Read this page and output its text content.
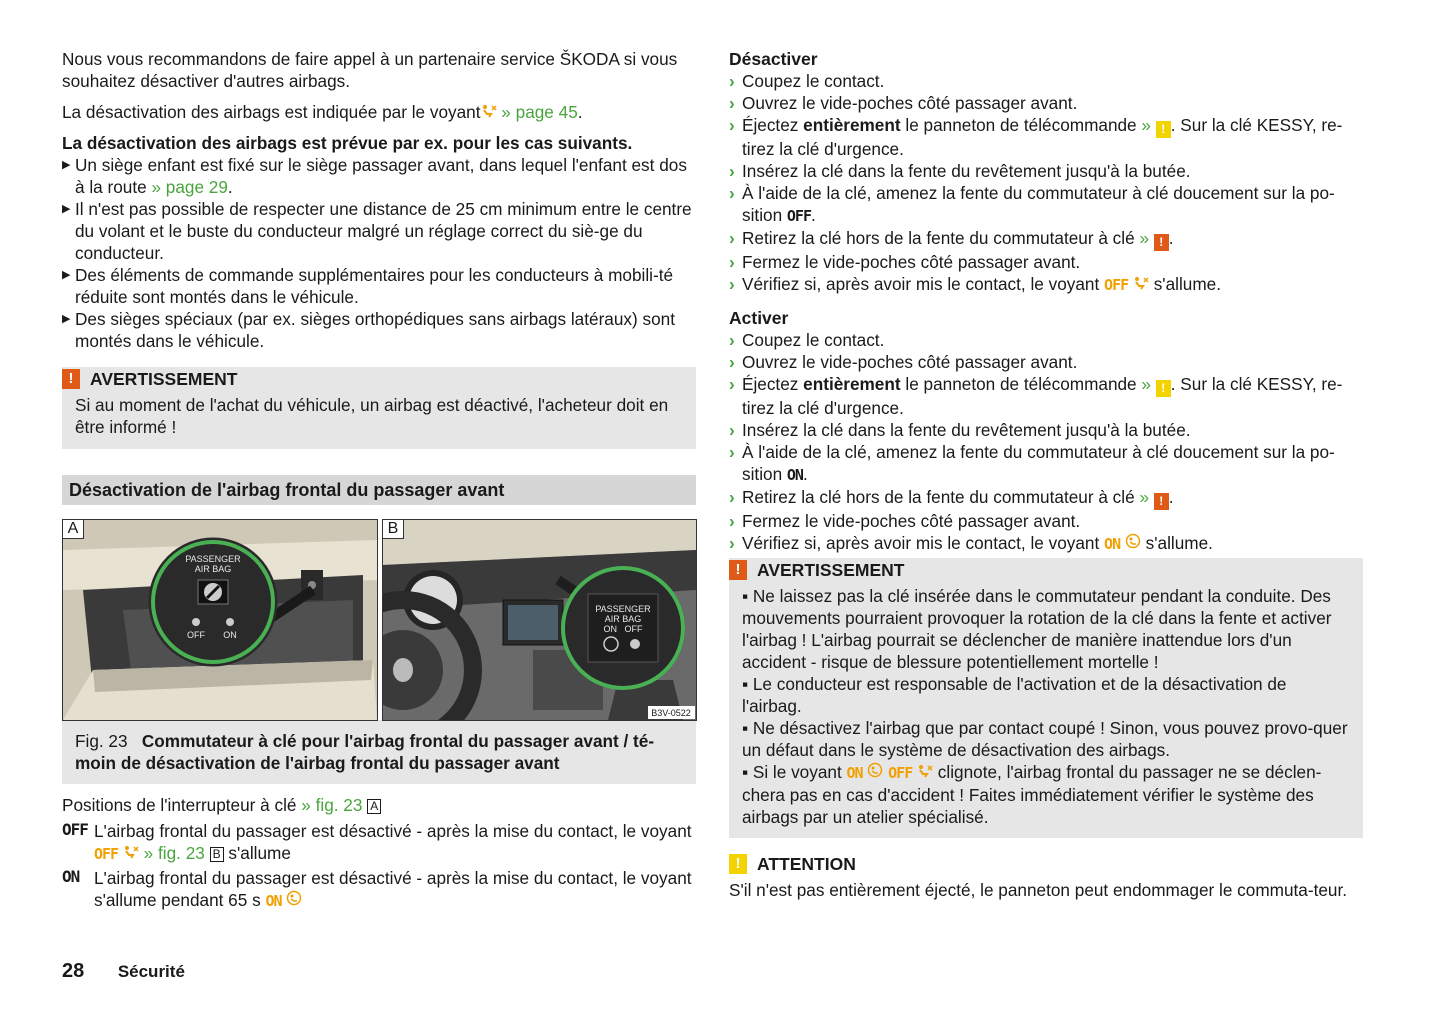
Nous vous recommandons de faire appel à un partenaire service ŠKODA si vous souhaitez désactiver d'autres airbags.

La désactivation des airbags est indiquée par le voyant » page 45.

La désactivation des airbags est prévue par ex. pour les cas suivants.

▶ Un siège enfant est fixé sur le siège passager avant, dans lequel l'enfant est dos à la route » page 29.
▶ Il n'est pas possible de respecter une distance de 25 cm minimum entre le centre du volant et le buste du conducteur malgré un réglage correct du siè-ge du conducteur.
▶ Des éléments de commande supplémentaires pour les conducteurs à mobili-té réduite sont montés dans le véhicule.
▶ Des sièges spéciaux (par ex. sièges orthopédiques sans airbags latéraux) sont montés dans le véhicule.
! AVERTISSEMENT

Si au moment de l'achat du véhicule, un airbag est déactivé, l'acheteur doit en être informé !

Désactivation de l'airbag frontal du passager avant
PASSENGER
AIR BAG
OFF ON
A
PASSENGER
AIR BAG
ON   OFF
B3V-0522
B
Fig. 23 Commutateur à clé pour l'airbag frontal du passager avant / té-moin de désactivation de l'airbag frontal du passager avant

Positions de l'interrupteur à clé » fig. 23 A

OFF L'airbag frontal du passager est désactivé - après la mise du contact, le voyant OFF » fig. 23 B s'allume

ON L'airbag frontal du passager est désactivé - après la mise du contact, le voyant s'allume pendant 65 s ON

Désactiver

› Coupez le contact.
› Ouvrez le vide-poches côté passager avant.
› Éjectez entièrement le panneton de télécommande » ! . Sur la clé KESSY, re-tirez la clé d'urgence.
› Insérez la clé dans la fente du revêtement jusqu'à la butée.
› À l'aide de la clé, amenez la fente du commutateur à clé doucement sur la po-sition OFF.
› Retirez la clé hors de la fente du commutateur à clé » ! .
› Fermez le vide-poches côté passager avant.
› Vérifiez si, après avoir mis le contact, le voyant OFF s'allume.

Activer

› Coupez le contact.
› Ouvrez le vide-poches côté passager avant.
› Éjectez entièrement le panneton de télécommande » ! . Sur la clé KESSY, re-tirez la clé d'urgence.
› Insérez la clé dans la fente du revêtement jusqu'à la butée.
› À l'aide de la clé, amenez la fente du commutateur à clé doucement sur la po-sition ON.
› Retirez la clé hors de la fente du commutateur à clé » ! .
› Fermez le vide-poches côté passager avant.
› Vérifiez si, après avoir mis le contact, le voyant ON s'allume.
! AVERTISSEMENT
▪ Ne laissez pas la clé insérée dans le commutateur pendant la conduite. Des mouvements pourraient provoquer la rotation de la clé dans la fente et activer l'airbag ! L'airbag pourrait se déclencher de manière inattendue lors d'un accident - risque de blessure potentiellement mortelle !
▪ Le conducteur est responsable de l'activation et de la désactivation de l'airbag.
▪ Ne désactivez l'airbag que par contact coupé ! Sinon, vous pouvez provo-quer un défaut dans le système de désactivation des airbags.
▪ Si le voyant ON OFF clignote, l'airbag frontal du passager ne se déclen-chera pas en cas d'accident ! Faites immédiatement vérifier le système des airbags par un atelier spécialisé.
! ATTENTION

S'il n'est pas entièrement éjecté, le panneton peut endommager le commuta-teur.

28 Sécurité
